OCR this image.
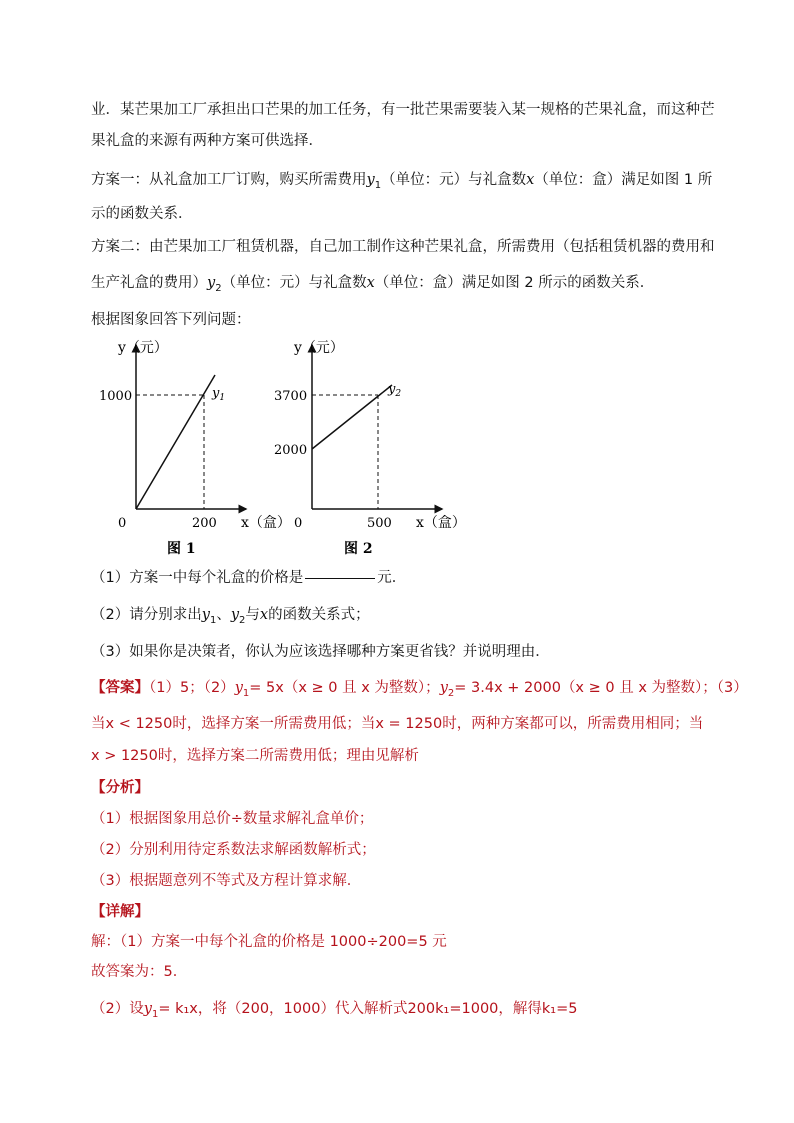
业．某芒果加工厂承担出口芒果的加工任务，有一批芒果需要装入某一规格的芒果礼盒，而这种芒
果礼盒的来源有两种方案可供选择．
方案一：从礼盒加工厂订购，购买所需费用$y_1$（单位：元）与礼盒数x（单位：盒）满足如图 1 所
示的函数关系．
方案二：由芒果加工厂租赁机器，自己加工制作这种芒果礼盒，所需费用（包括租赁机器的费用和
生产礼盒的费用）$y_2$（单位：元）与礼盒数x（单位：盒）满足如图 2 所示的函数关系．
根据图象回答下列问题：
y（元）
1000
0	200 x（盒）
$y_1$
图 1
y（元）
3700
2000
0	500 x（盒）
$y_2$
图 2
（1）方案一中每个礼盒的价格是	元．
（2）请分别求出$y_1$、$y_2$与x的函数关系式；
（3）如果你是决策者，你认为应该选择哪种方案更省钱？并说明理由．
【答案】（1）5；$(2)y_1= 5x(x \ge 0$ 且 x 为整数）；$y_2= 3.4x + 2000(x \ge 0$ 且 x 为整数）；（3）
当x < 1250时，选择方案一所需费用低；当x = 1250时，两种方案都可以，所需费用相同；当
x > 1250时，选择方案二所需费用低；理由见解析
【分析】
（1）根据图象用总价÷数量求解礼盒单价；
（2）分别利用待定系数法求解函数解析式；
（3）根据题意列不等式及方程计算求解．
【详解】
解：（1）方案一中每个礼盒的价格是 1000÷200=5 元
故答案为：5．
（2）设$y_1= k_1x$，将（200，1000）代入解析式200k₁=1000，解得k₁=5
